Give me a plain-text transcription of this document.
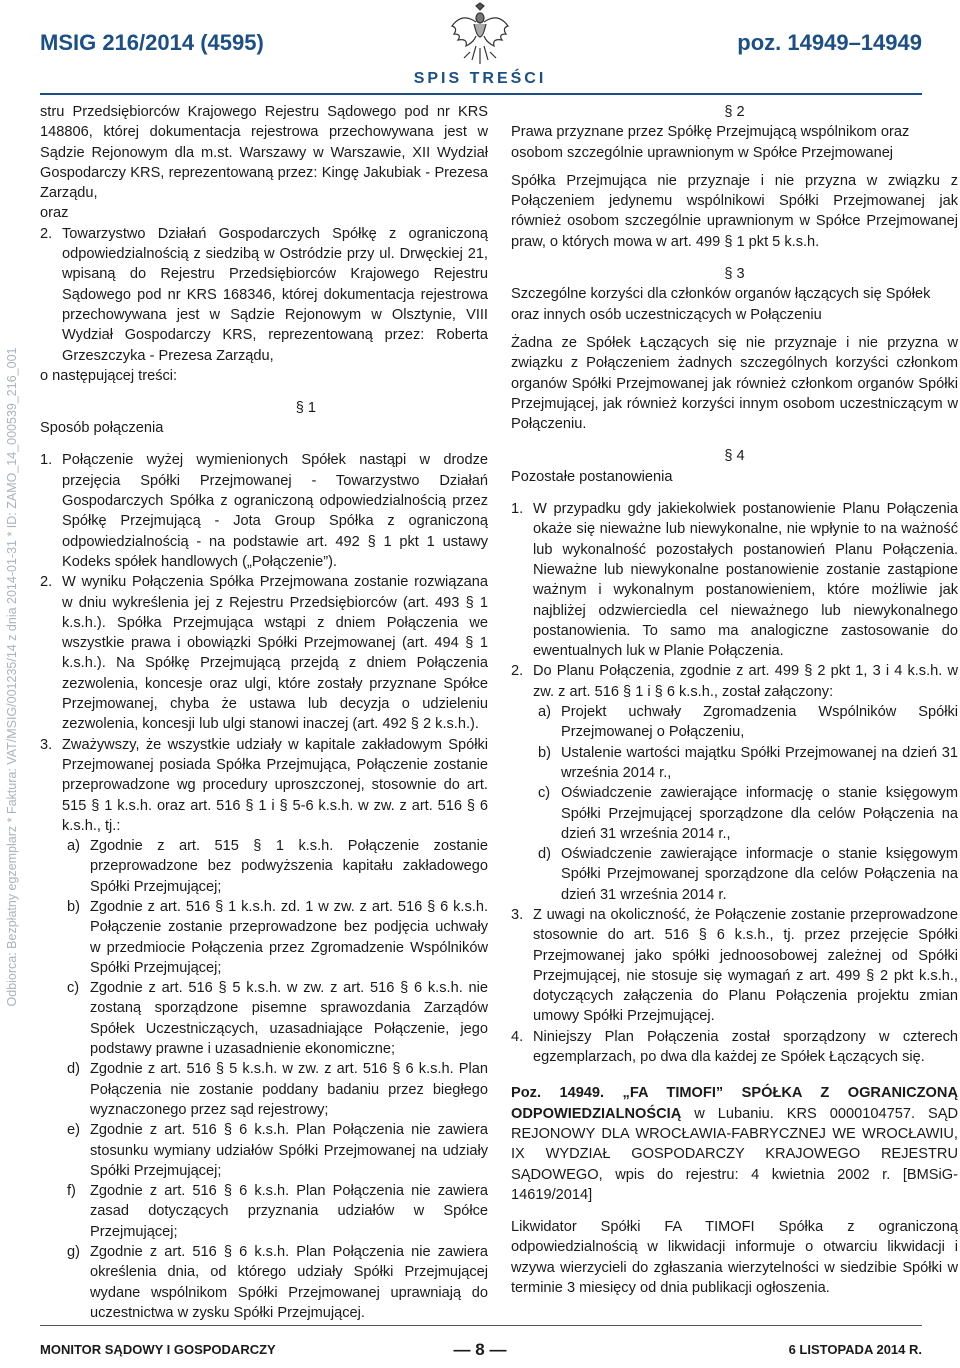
MSIG 216/2014 (4595)	poz. 14949–14949
SPIS TREŚCI
Odbiorca: Bezpłatny egzemplarz * Faktura: VAT/MSIG/001235/14 z dnia 2014-01-31 * ID: ZAMO_14_000539_216_001

stru Przedsiębiorców Krajowego Rejestru Sądowego pod nr KRS 148806, której dokumentacja rejestrowa przechowywana jest w Sądzie Rejonowym dla m.st. Warszawy w Warszawie, XII Wydział Gospodarczy KRS, reprezentowaną przez: Kingę Jakubiak - Prezesa Zarządu,

oraz

2. Towarzystwo Działań Gospodarczych Spółkę z ograniczoną odpowiedzialnością z siedzibą w Ostródzie przy ul. Drwęckiej 21, wpisaną do Rejestru Przedsiębiorców Krajowego Rejestru Sądowego pod nr KRS 168346, której dokumentacja rejestrowa przechowywana jest w Sądzie Rejonowym w Olsztynie, VIII Wydział Gospodarczy KRS, reprezentowaną przez: Roberta Grzeszczyka - Prezesa Zarządu,

o następującej treści:

Sposób połączenia
§ 1
1. Połączenie wyżej wymienionych Spółek nastąpi w drodze przejęcia Spółki Przejmowanej - Towarzystwo Działań Gospodarczych Spółka z ograniczoną odpowiedzialnością przez Spółkę Przejmującą - Jota Group Spółka z ograniczoną odpowiedzialnością - na podstawie art. 492 § 1 pkt 1 ustawy Kodeks spółek handlowych („Połączenie”).
2. W wyniku Połączenia Spółka Przejmowana zostanie rozwiązana w dniu wykreślenia jej z Rejestru Przedsiębiorców (art. 493 § 1 k.s.h.). Spółka Przejmująca wstąpi z dniem Połączenia we wszystkie prawa i obowiązki Spółki Przejmowanej (art. 494 § 1 k.s.h.). Na Spółkę Przejmującą przejdą z dniem Połączenia zezwolenia, koncesje oraz ulgi, które zostały przyznane Spółce Przejmowanej, chyba że ustawa lub decyzja o udzieleniu zezwolenia, koncesji lub ulgi stanowi inaczej (art. 492 § 2 k.s.h.).
3. Zważywszy, że wszystkie udziały w kapitale zakładowym Spółki Przejmowanej posiada Spółka Przejmująca, Połączenie zostanie przeprowadzone wg procedury uproszczonej, stosownie do art. 515 § 1 k.s.h. oraz art. 516 § 1 i § 5-6 k.s.h. w zw. z art. 516 § 6 k.s.h., tj.:
a) Zgodnie z art. 515 § 1 k.s.h. Połączenie zostanie przeprowadzone bez podwyższenia kapitału zakładowego Spółki Przejmującej;
b) Zgodnie z art. 516 § 1 k.s.h. zd. 1 w zw. z art. 516 § 6 k.s.h. Połączenie zostanie przeprowadzone bez podjęcia uchwały w przedmiocie Połączenia przez Zgromadzenie Wspólników Spółki Przejmującej;
c) Zgodnie z art. 516 § 5 k.s.h. w zw. z art. 516 § 6 k.s.h. nie zostaną sporządzone pisemne sprawozdania Zarządów Spółek Uczestniczących, uzasadniające Połączenie, jego podstawy prawne i uzasadnienie ekonomiczne;
d) Zgodnie z art. 516 § 5 k.s.h. w zw. z art. 516 § 6 k.s.h. Plan Połączenia nie zostanie poddany badaniu przez biegłego wyznaczonego przez sąd rejestrowy;
e) Zgodnie z art. 516 § 6 k.s.h. Plan Połączenia nie zawiera stosunku wymiany udziałów Spółki Przejmowanej na udziały Spółki Przejmującej;
f) Zgodnie z art. 516 § 6 k.s.h. Plan Połączenia nie zawiera zasad dotyczących przyznania udziałów w Spółce Przejmującej;
g) Zgodnie z art. 516 § 6 k.s.h. Plan Połączenia nie zawiera określenia dnia, od którego udziały Spółki Przejmującej wydane wspólnikom Spółki Przejmowanej uprawniają do uczestnictwa w zysku Spółki Przejmującej.

§ 2

Prawa przyznane przez Spółkę Przejmującą wspólnikom oraz osobom szczególnie uprawnionym w Spółce Przejmowanej

Spółka Przejmująca nie przyznaje i nie przyzna w związku z Połączeniem jedynemu wspólnikowi Spółki Przejmowanej jak również osobom szczególnie uprawnionym w Spółce Przejmowanej praw, o których mowa w art. 499 § 1 pkt 5 k.s.h.

§ 3

Szczególne korzyści dla członków organów łączących się Spółek oraz innych osób uczestniczących w Połączeniu

Żadna ze Spółek Łączących się nie przyznaje i nie przyzna w związku z Połączeniem żadnych szczególnych korzyści członkom organów Spółki Przejmowanej jak również członkom organów Spółki Przejmującej, jak również korzyści innym osobom uczestniczącym w Połączeniu.

§ 4

Pozostałe postanowienia

1. W przypadku gdy jakiekolwiek postanowienie Planu Połączenia okaże się nieważne lub niewykonalne, nie wpłynie to na ważność lub wykonalność pozostałych postanowień Planu Połączenia. Nieważne lub niewykonalne postanowienie zostanie zastąpione ważnym i wykonalnym postanowieniem, które możliwie jak najbliżej odzwierciedla cel nieważnego lub niewykonalnego postanowienia. To samo ma analogiczne zastosowanie do ewentualnych luk w Planie Połączenia.
2. Do Planu Połączenia, zgodnie z art. 499 § 2 pkt 1, 3 i 4 k.s.h. w zw. z art. 516 § 1 i § 6 k.s.h., został załączony:
a) Projekt uchwały Zgromadzenia Wspólników Spółki Przejmowanej o Połączeniu,
b) Ustalenie wartości majątku Spółki Przejmowanej na dzień 31 września 2014 r.,
c) Oświadczenie zawierające informację o stanie księgowym Spółki Przejmującej sporządzone dla celów Połączenia na dzień 31 września 2014 r.,
d) Oświadczenie zawierające informacje o stanie księgowym Spółki Przejmowanej sporządzone dla celów Połączenia na dzień 31 września 2014 r.
3. Z uwagi na okoliczność, że Połączenie zostanie przeprowadzone stosownie do art. 516 § 6 k.s.h., tj. przez przejęcie Spółki Przejmowanej jako spółki jednoosobowej zależnej od Spółki Przejmującej, nie stosuje się wymagań z art. 499 § 2 pkt k.s.h., dotyczących załączenia do Planu Połączenia projektu zmian umowy Spółki Przejmującej.
4. Niniejszy Plan Połączenia został sporządzony w czterech egzemplarzach, po dwa dla każdej ze Spółek Łączących się.

Poz. 14949. „FA TIMOFI” SPÓŁKA Z OGRANICZONĄ ODPOWIEDZIALNOŚCIĄ w Lubaniu. KRS 0000104757. SĄD REJONOWY DLA WROCŁAWIA-FABRYCZNEJ WE WROCŁAWIU, IX WYDZIAŁ GOSPODARCZY KRAJOWEGO REJESTRU SĄDOWEGO, wpis do rejestru: 4 kwietnia 2002 r. [BMSiG-14619/2014]

Likwidator Spółki FA TIMOFI Spółka z ograniczoną odpowiedzialnością w likwidacji informuje o otwarciu likwidacji i wzywa wierzycieli do zgłaszania wierzytelności w siedzibie Spółki w terminie 3 miesięcy od dnia publikacji ogłoszenia.

MONITOR SĄDOWY I GOSPODARCZY	— 8 —	6 LISTOPADA 2014 R.
